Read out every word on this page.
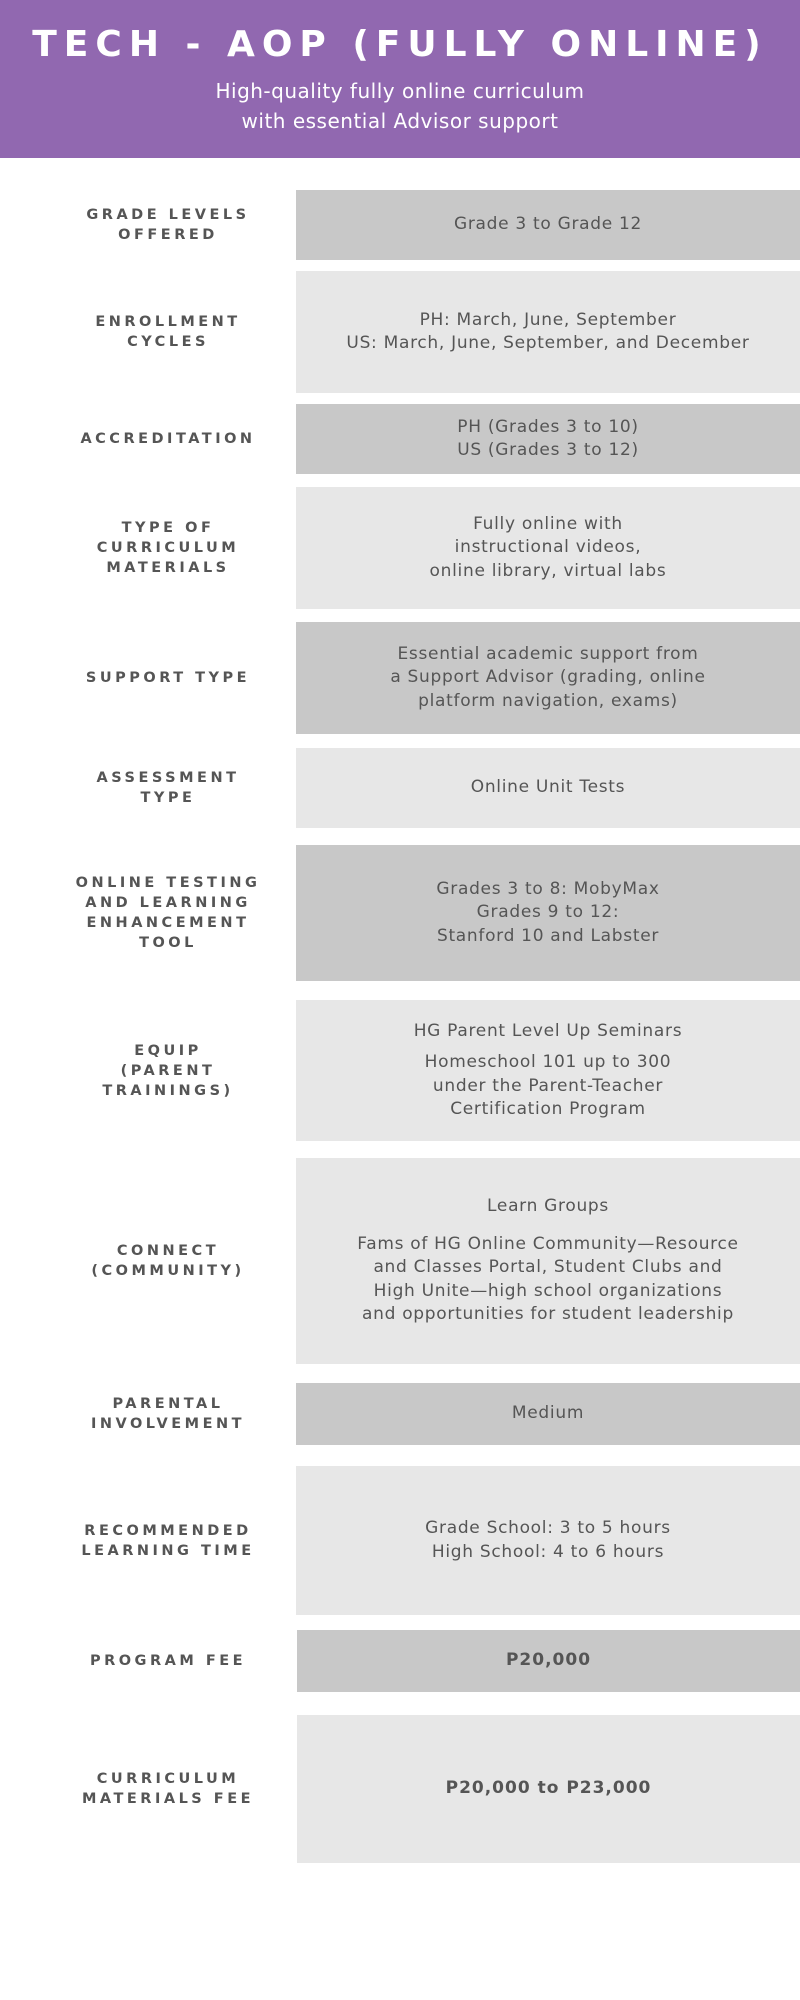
TECH - AOP (FULLY ONLINE)
High-quality fully online curriculum
with essential Advisor support
GRADE LEVELS
OFFERED
Grade 3 to Grade 12
ENROLLMENT
CYCLES
PH: March, June, September
US: March, June, September, and December
ACCREDITATION
PH (Grades 3 to 10)
US (Grades 3 to 12)
TYPE OF
CURRICULUM
MATERIALS
Fully online with
instructional videos,
online library, virtual labs
SUPPORT TYPE
Essential academic support from
a Support Advisor (grading, online
platform navigation, exams)
ASSESSMENT
TYPE
Online Unit Tests
ONLINE TESTING
AND LEARNING
ENHANCEMENT
TOOL
Grades 3 to 8: MobyMax
Grades 9 to 12:
Stanford 10 and Labster
EQUIP
(PARENT
TRAININGS)
HG Parent Level Up Seminars
Homeschool 101 up to 300
under the Parent-Teacher
Certification Program
CONNECT
(COMMUNITY)
Learn Groups
Fams of HG Online Community—Resource
and Classes Portal, Student Clubs and
High Unite—high school organizations
and opportunities for student leadership
PARENTAL
INVOLVEMENT
Medium
RECOMMENDED
LEARNING TIME
Grade School: 3 to 5 hours
High School: 4 to 6 hours
PROGRAM FEE	P20,000
CURRICULUM
MATERIALS FEE
P20,000 to P23,000
